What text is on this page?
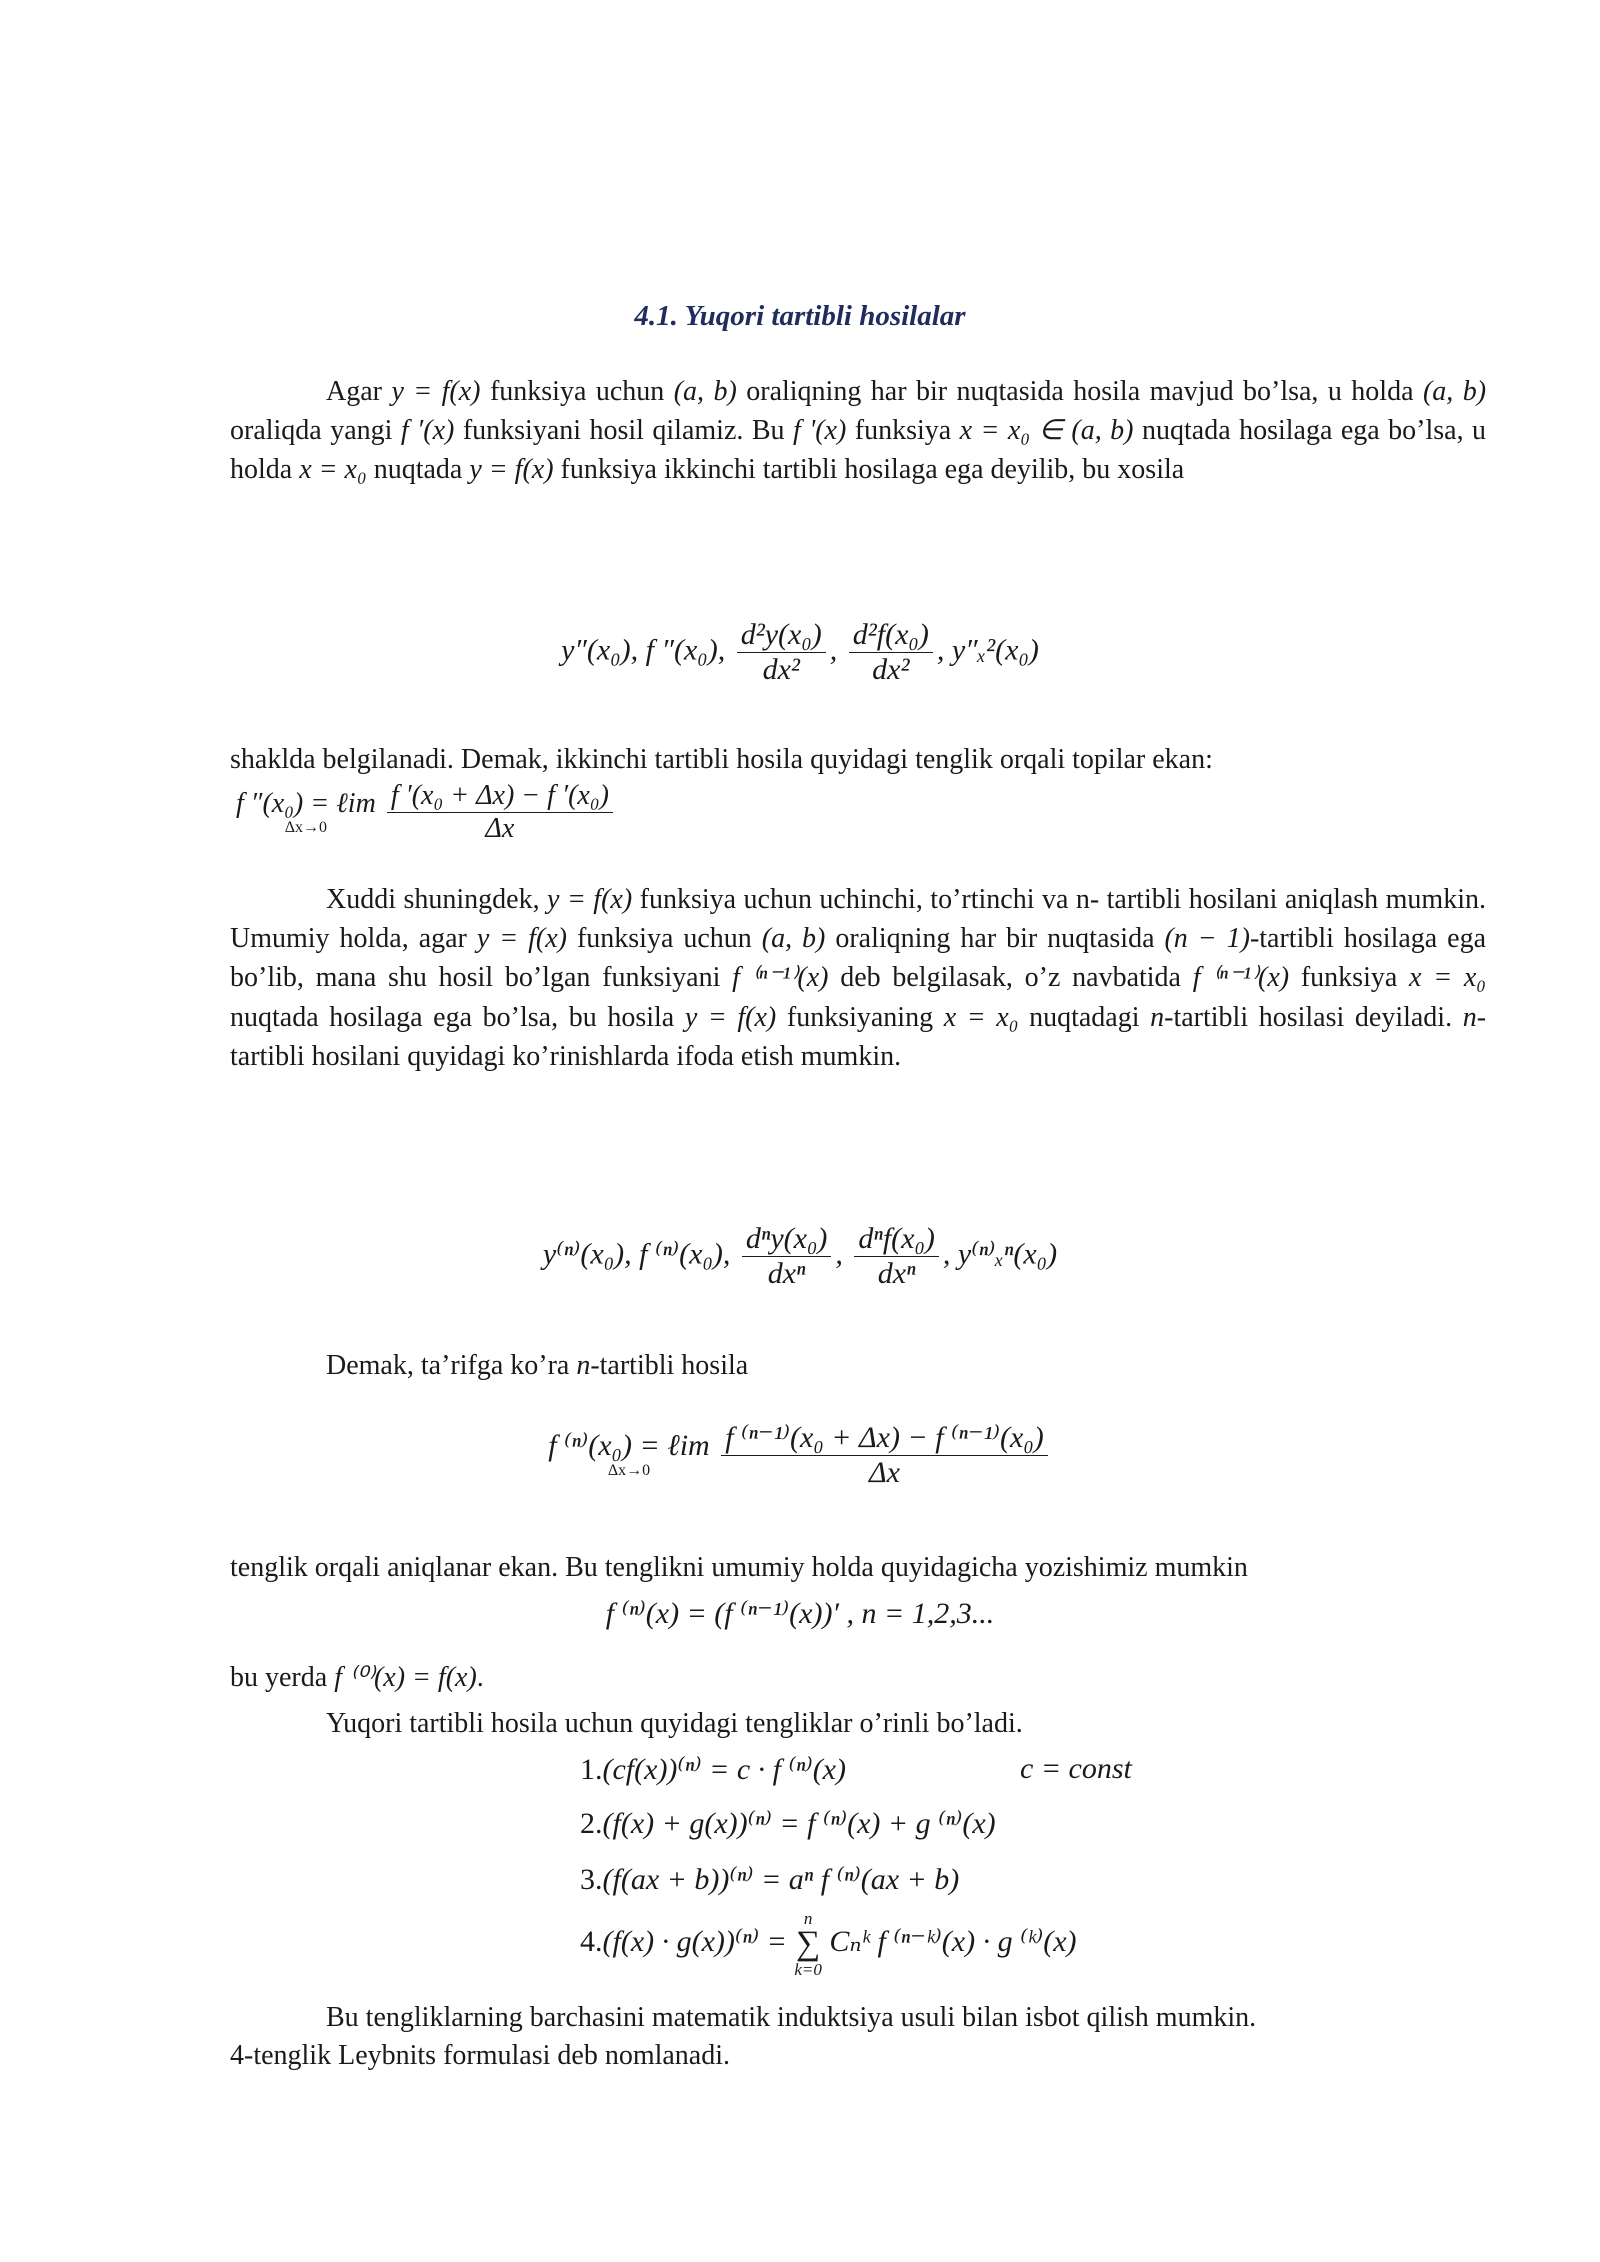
4.1. Yuqori tartibli hosilalar
Agar y = f(x) funksiya uchun (a, b) oraliqning har bir nuqtasida hosila mavjud bo’lsa, u holda (a, b) oraliqda yangi f ′(x) funksiyani hosil qilamiz. Bu f '(x) funksiya x = x₀ ∈ (a, b) nuqtada hosilaga ega bo’lsa, u holda x = x₀ nuqtada y = f(x) funksiya ikkinchi tartibli hosilaga ega deyilib, bu xosila
y″(x₀), f ″(x₀), $\frac{\text{d²y(x₀)}}{\text{dx²}}$ , $\frac{\text{d²f(x₀)}}{\text{dx²}}$ , y″ₓ²(x₀)
shaklda belgilanadi. Demak, ikkinchi tartibli hosila quyidagi tenglik orqali topilar ekan:
f ″(x₀) = ℓim
Δx→0
	$\frac{\text{f ′(x₀ + Δx) − f ′(x₀)}}{\Delta x}$
Xuddi shuningdek, y = f(x) funksiya uchun uchinchi, to’rtinchi va n- tartibli hosilani aniqlash mumkin. Umumiy holda, agar y = f(x) funksiya uchun (a, b) oraliqning har bir nuqtasida (n − 1)-tartibli hosilaga ega bo’lib, mana shu hosil bo’lgan funksiyani f ⁽ⁿ⁻¹⁾(x) deb belgilasak, o’z navbatida f ⁽ⁿ⁻¹⁾(x) funksiya x = x₀ nuqtada hosilaga ega bo’lsa, bu hosila y = f(x) funksiyaning x = x₀ nuqtadagi n-tartibli hosilasi deyiladi. n-tartibli hosilani quyidagi ko’rinishlarda ifoda etish mumkin.
y⁽ⁿ⁾(x₀), f ⁽ⁿ⁾(x₀), $\frac{\text{dⁿy(x₀)}}{\text{dxⁿ}}$ , $\frac{\text{dⁿf(x₀)}}{\text{dxⁿ}}$ , y⁽ⁿ⁾ₓⁿ(x₀)
Demak, ta’rifga ko’ra n-tartibli hosila
f ⁽ⁿ⁾(x₀) = ℓim
Δx→0
	$\frac{\text{f ⁽ⁿ⁻¹⁾(x₀ + Δx) − f ⁽ⁿ⁻¹⁾(x₀)}}{\Delta x}$
tenglik orqali aniqlanar ekan. Bu tenglikni umumiy holda quyidagicha yozishimiz mumkin
f ⁽ⁿ⁾(x) = (f ⁽ⁿ⁻¹⁾(x))′ , n = 1,2,3...
bu yerda f ⁽⁰⁾(x) = f(x).
Yuqori tartibli hosila uchun quyidagi tengliklar o’rinli bo’ladi.
1.(cf(x))⁽ⁿ⁾ = c · f ⁽ⁿ⁾(x)	c = const
2.(f(x) + g(x))⁽ⁿ⁾ = f ⁽ⁿ⁾(x) + g ⁽ⁿ⁾(x)
3.(f(ax + b))⁽ⁿ⁾ = aⁿ f ⁽ⁿ⁾(ax + b)
4.(f(x) · g(x))⁽ⁿ⁾ =
n
∑
k=0
Cₙᵏ f ⁽ⁿ⁻ᵏ⁾(x) · g ⁽ᵏ⁾(x)
Bu tengliklarning barchasini matematik induktsiya usuli bilan isbot qilish mumkin.
4-tenglik Leybnits formulasi deb nomlanadi.
